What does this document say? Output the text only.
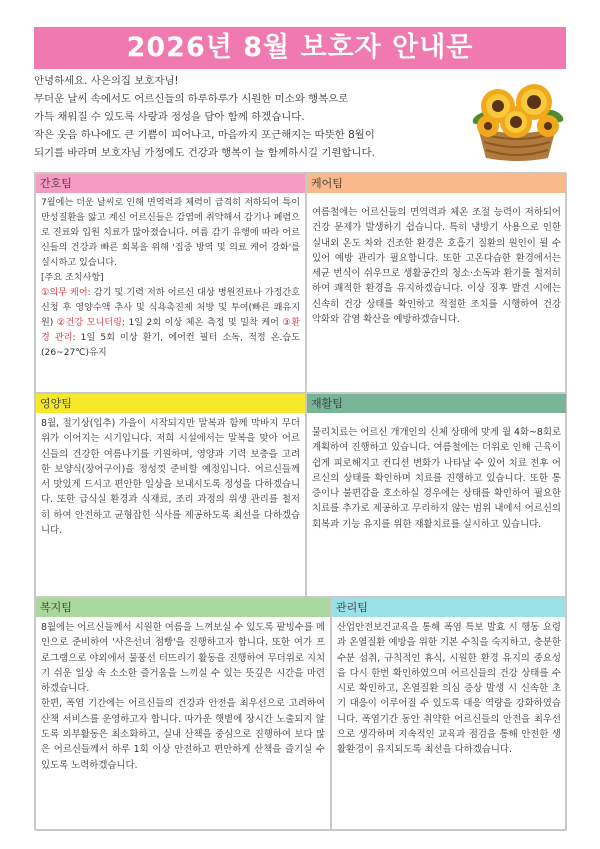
2026년 8월 보호자 안내문

안녕하세요. 사은의집 보호자님!

무더운 날씨 속에서도 어르신들의 하루하루가 시원한 미소와 행복으로

가득 채워질 수 있도록 사랑과 정성을 담아 함께 하겠습니다.

작은 웃음 하나에도 큰 기쁨이 피어나고, 마음까지 포근해지는 따뜻한 8월이

되기를 바라며 보호자님 가정에도 건강과 행복이 늘 함께하시길 기원합니다.

간호팀

7월에는 더운 날씨로 인해 면역력과 체력이 급격히 저하되어 특이 만성질환을 앓고 계신 어르신들은 감염에 취약해서 감기나 폐렴으로 진료와 입원 치료가 많아졌습니다. 여름 감기 유행에 따라 어르신들의 건강과 빠른 회복을 위해 '집중 방역 및 의료 케어 강화'를 실시하고 있습니다.

[주요 조치사항]

①의무 케어: 감기 및 기력 저하 어르신 대상 병원진료나 가정간호 신청 후 영양수액 추사 및 식욕촉진제 처방 및 투여(빠른 쾌유지원) ②건강 모니터링: 1일 2회 이상 체온 측정 및 밀착 케어 ③환경 관리: 1일 5회 이상 환기, 에어컨 필터 소독, 적정 온.습도(26~27℃)유지

케어팀
여름철에는 어르신들의 면역력과 체온 조절 능력이 저하되어 건강 문제가 발생하기 쉽습니다. 특히 냉방기 사용으로 인한 실내외 온도 차와 건조한 환경은 호흡기 질환의 원인이 될 수 있어 예방 관리가 필요합니다. 또한 고온다습한 환경에서는 세균 번식이 쉬우므로 생활공간의 청소·소독과 환기를 철저히 하여 쾌적한 환경을 유지하겠습니다. 이상 징후 발견 시에는 신속히 건강 상태를 확인하고 적절한 조치를 시행하여 건강 악화와 감염 확산을 예방하겠습니다.
영양팀
8월, 절기상(입추) 가을이 시작되지만 말복과 함께 막바지 무더위가 이어지는 시기입니다. 저희 시설에서는 말복을 맞아 어르신들의 건강한 여름나기를 기원하며, 영양과 기력 보충을 고려한 보양식(장어구이)을 정성껏 준비할 예정입니다. 어르신들께서 맛있게 드시고 편안한 일상을 보내시도록 정성을 다하겠습니다. 또한 급식실 환경과 식재료, 조리 과정의 위생 관리를 철저히 하여 안전하고 균형잡힌 식사를 제공하도록 최선을 다하겠습니다.
재활팀
물리치료는 어르신 개개인의 신체 상태에 맞게 월 4화~8회로 계획하여 진행하고 있습니다. 여름철에는 더위로 인해 근육이 쉽게 피로해지고 컨디션 변화가 나타날 수 있어 치료 전후 어르신의 상태를 확인하며 치료를 진행하고 있습니다. 또한 통증이나 불편감을 호소하실 경우에는 상태를 확인하여 필요한 치료를 추가로 제공하고 무리하지 않는 범위 내에서 어르신의 회복과 기능 유지를 위한 재활치료를 실시하고 있습니다.
복지팀

8월에는 어르신들께서 시원한 여름을 느껴보실 수 있도록 팥빙수를 메인으로 준비하여 '사은선녀 점빵'을 진행하고자 합니다. 또한 여가 프로그램으로 야외에서 물풍선 터뜨리기 활동을 진행하여 무더위로 지치기 쉬운 일상 속 소소한 즐거움을 느끼실 수 있는 뜻깊은 시간을 마련하겠습니다.

한편, 폭염 기간에는 어르신들의 건강과 안전을 최우선으로 고려하여 산책 서비스를 운영하고자 합니다. 따가운 햇볕에 장시간 노출되지 않도록 외부활동은 최소화하고, 실내 산책을 중심으로 진행하여 보다 많은 어르신들께서 하루 1회 이상 안전하고 편안하게 산책을 즐기실 수 있도록 노력하겠습니다.

관리팀
산업안전보건교육을 통해 폭염 특보 발효 시 행동 요령과 온열질환 예방을 위한 기본 수칙을 숙지하고, 충분한 수분 섭취, 규칙적인 휴식, 시원한 환경 유지의 중요성을 다시 한번 확인하였으며 어르신들의 건강 상태를 수시로 확인하고, 온열질환 의심 증상 발생 시 신속한 초기 대응이 이루어질 수 있도록 대응 역량을 강화하였습니다. 폭염기간 동안 취약한 어르신들의 안전을 최우선으로 생각하며 지속적인 교육과 점검을 통해 안전한 생활환경이 유지되도록 최선을 다하겠습니다.
